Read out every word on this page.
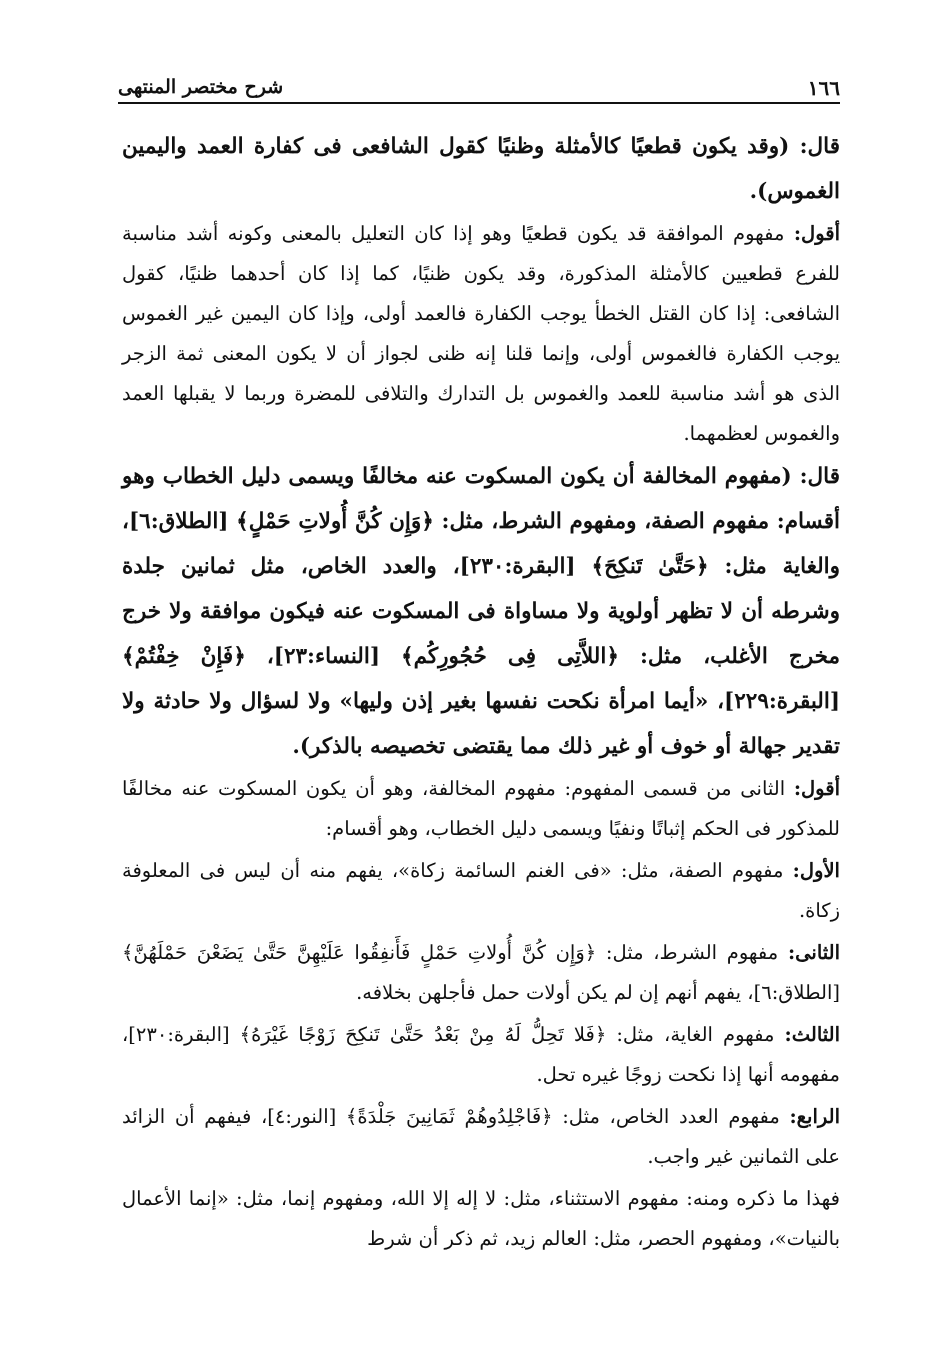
١٦٦
شرح مختصر المنتهى

قال: (وقد يكون قطعيًا كالأمثلة وظنيًا كقول الشافعى فى كفارة العمد واليمين الغموس).

أقول: مفهوم الموافقة قد يكون قطعيًا وهو إذا كان التعليل بالمعنى وكونه أشد مناسبة للفرع قطعيين كالأمثلة المذكورة، وقد يكون ظنيًا، كما إذا كان أحدهما ظنيًا، كقول الشافعى: إذا كان القتل الخطأ يوجب الكفارة فالعمد أولى، وإذا كان اليمين غير الغموس يوجب الكفارة فالغموس أولى، وإنما قلنا إنه ظنى لجواز أن لا يكون المعنى ثمة الزجر الذى هو أشد مناسبة للعمد والغموس بل التدارك والتلافى للمضرة وربما لا يقبلها العمد والغموس لعظمهما.

قال: (مفهوم المخالفة أن يكون المسكوت عنه مخالفًا ويسمى دليل الخطاب وهو أقسام: مفهوم الصفة، ومفهوم الشرط، مثل: ﴿وَإِن كُنَّ أُولاتِ حَمْلٍ﴾ [الطلاق:٦]، والغاية مثل: ﴿حَتَّىٰ تَنكِحَ﴾ [البقرة:٢٣٠]، والعدد الخاص، مثل ثمانين جلدة وشرطه أن لا تظهر أولوية ولا مساواة فى المسكوت عنه فيكون موافقة ولا خرج مخرج الأغلب، مثل: ﴿اللاَّتِى فِى حُجُورِكُم﴾ [النساء:٢٣]، ﴿فَإِنْ خِفْتُمْ﴾ [البقرة:٢٢٩]، «أيما امرأة نكحت نفسها بغير إذن وليها» ولا لسؤال ولا حادثة ولا تقدير جهالة أو خوف أو غير ذلك مما يقتضى تخصيصه بالذكر).

أقول: الثانى من قسمى المفهوم: مفهوم المخالفة، وهو أن يكون المسكوت عنه مخالفًا للمذكور فى الحكم إثباتًا ونفيًا ويسمى دليل الخطاب، وهو أقسام:

الأول: مفهوم الصفة، مثل: «فى الغنم السائمة زكاة»، يفهم منه أن ليس فى المعلوفة زكاة.

الثانى: مفهوم الشرط، مثل: ﴿وَإِن كُنَّ أُولاتِ حَمْلٍ فَأَنفِقُوا عَلَيْهِنَّ حَتَّىٰ يَضَعْنَ حَمْلَهُنَّ﴾ [الطلاق:٦]، يفهم أنهم إن لم يكن أولات حمل فأجلهن بخلافه.

الثالث: مفهوم الغاية، مثل: ﴿فَلا تَحِلُّ لَهُ مِنْ بَعْدُ حَتَّىٰ تَنكِحَ زَوْجًا غَيْرَهُ﴾ [البقرة:٢٣٠]، مفهومه أنها إذا نكحت زوجًا غيره تحل.

الرابع: مفهوم العدد الخاص، مثل: ﴿فَاجْلِدُوهُمْ ثَمَانِينَ جَلْدَةً﴾ [النور:٤]، فيفهم أن الزائد على الثمانين غير واجب.

فهذا ما ذكره ومنه: مفهوم الاستثناء، مثل: لا إله إلا الله، ومفهوم إنما، مثل: «إنما الأعمال بالنيات»، ومفهوم الحصر، مثل: العالم زيد، ثم ذكر أن شرط
